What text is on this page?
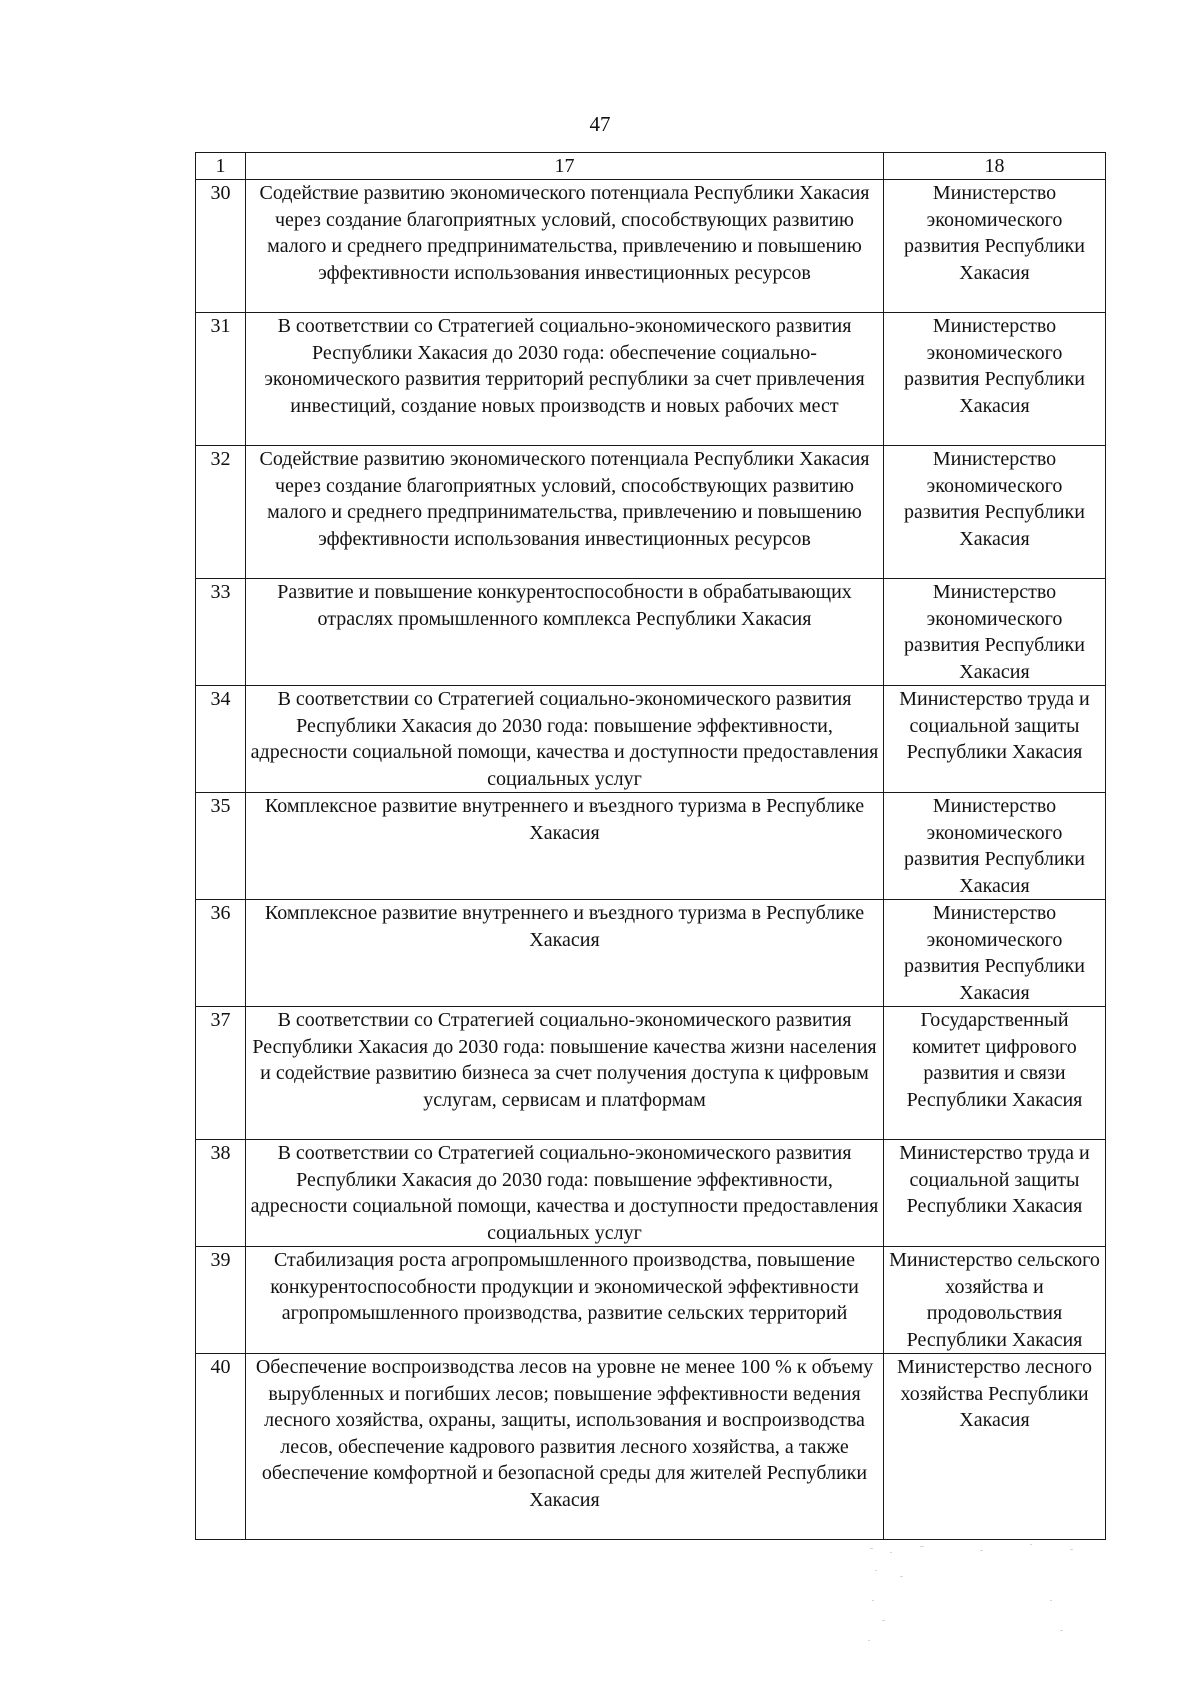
47
1	17	18
30	Содействие развитию экономического потенциала Республики Хакасия через создание благоприятных условий, способствующих развитию малого и среднего предпринимательства, привлечению и повышению эффективности использования инвестиционных ресурсов	Министерство экономического развития Республики Хакасия
31	В соответствии со Стратегией социально-экономического развития Республики Хакасия до 2030 года: обеспечение социально-экономического развития территорий республики за счет привлечения инвестиций, создание новых производств и новых рабочих мест	Министерство экономического развития Республики Хакасия
32	Содействие развитию экономического потенциала Республики Хакасия через создание благоприятных условий, способствующих развитию малого и среднего предпринимательства, привлечению и повышению эффективности использования инвестиционных ресурсов	Министерство экономического развития Республики Хакасия
33	Развитие и повышение конкурентоспособности в обрабатывающих отраслях промышленного комплекса Республики Хакасия	Министерство экономического развития Республики Хакасия
34	В соответствии со Стратегией социально-экономического развития Республики Хакасия до 2030 года: повышение эффективности, адресности социальной помощи, качества и доступности предоставления социальных услуг	Министерство труда и социальной защиты Республики Хакасия
35	Комплексное развитие внутреннего и въездного туризма в Республике Хакасия	Министерство экономического развития Республики Хакасия
36	Комплексное развитие внутреннего и въездного туризма в Республике Хакасия	Министерство экономического развития Республики Хакасия
37	В соответствии со Стратегией социально-экономического развития Республики Хакасия до 2030 года: повышение качества жизни населения и содействие развитию бизнеса за счет получения доступа к цифровым услугам, сервисам и платформам	Государственный комитет цифрового развития и связи Республики Хакасия
38	В соответствии со Стратегией социально-экономического развития Республики Хакасия до 2030 года: повышение эффективности, адресности социальной помощи, качества и доступности предоставления социальных услуг	Министерство труда и социальной защиты Республики Хакасия
39	Стабилизация роста агропромышленного производства, повышение конкурентоспособности продукции и экономической эффективности агропромышленного производства, развитие сельских территорий	Министерство сельского хозяйства и продовольствия Республики Хакасия
40	Обеспечение воспроизводства лесов на уровне не менее 100 % к объему вырубленных и погибших лесов; повышение эффективности ведения лесного хозяйства, охраны, защиты, использования и воспроизводства лесов, обеспечение кадрового развития лесного хозяйства, а также обеспечение комфортной и безопасной среды для жителей Республики Хакасия	Министерство лесного хозяйства Республики Хакасия
